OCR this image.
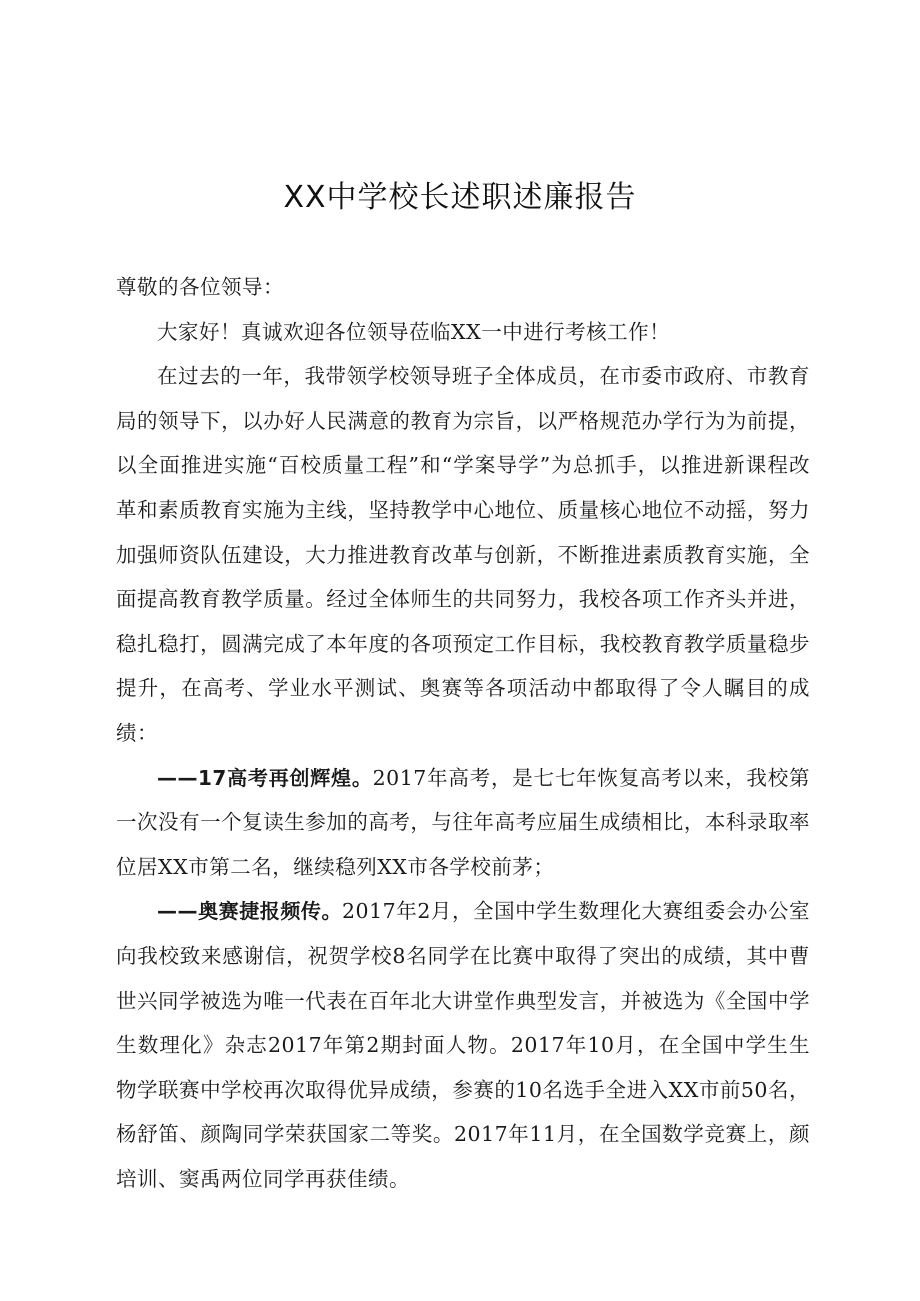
XX中学校长述职述廉报告

尊敬的各位领导：

大家好！真诚欢迎各位领导莅临XX一中进行考核工作！

在过去的一年，我带领学校领导班子全体成员，在市委市政府、市教育局的领导下，以办好人民满意的教育为宗旨，以严格规范办学行为为前提，以全面推进实施“百校质量工程”和“学案导学”为总抓手，以推进新课程改革和素质教育实施为主线，坚持教学中心地位、质量核心地位不动摇，努力加强师资队伍建设，大力推进教育改革与创新，不断推进素质教育实施，全面提高教育教学质量。经过全体师生的共同努力，我校各项工作齐头并进，稳扎稳打，圆满完成了本年度的各项预定工作目标，我校教育教学质量稳步提升，在高考、学业水平测试、奥赛等各项活动中都取得了令人瞩目的成绩：

——17高考再创辉煌。2017年高考，是七七年恢复高考以来，我校第一次没有一个复读生参加的高考，与往年高考应届生成绩相比，本科录取率位居XX市第二名，继续稳列XX市各学校前茅；

——奥赛捷报频传。2017年2月，全国中学生数理化大赛组委会办公室向我校致来感谢信，祝贺学校8名同学在比赛中取得了突出的成绩，其中曹世兴同学被选为唯一代表在百年北大讲堂作典型发言，并被选为《全国中学生数理化》杂志2017年第2期封面人物。2017年10月，在全国中学生生物学联赛中学校再次取得优异成绩，参赛的10名选手全进入XX市前50名，杨舒笛、颜陶同学荣获国家二等奖。2017年11月，在全国数学竞赛上，颜培训、窦禹两位同学再获佳绩。
